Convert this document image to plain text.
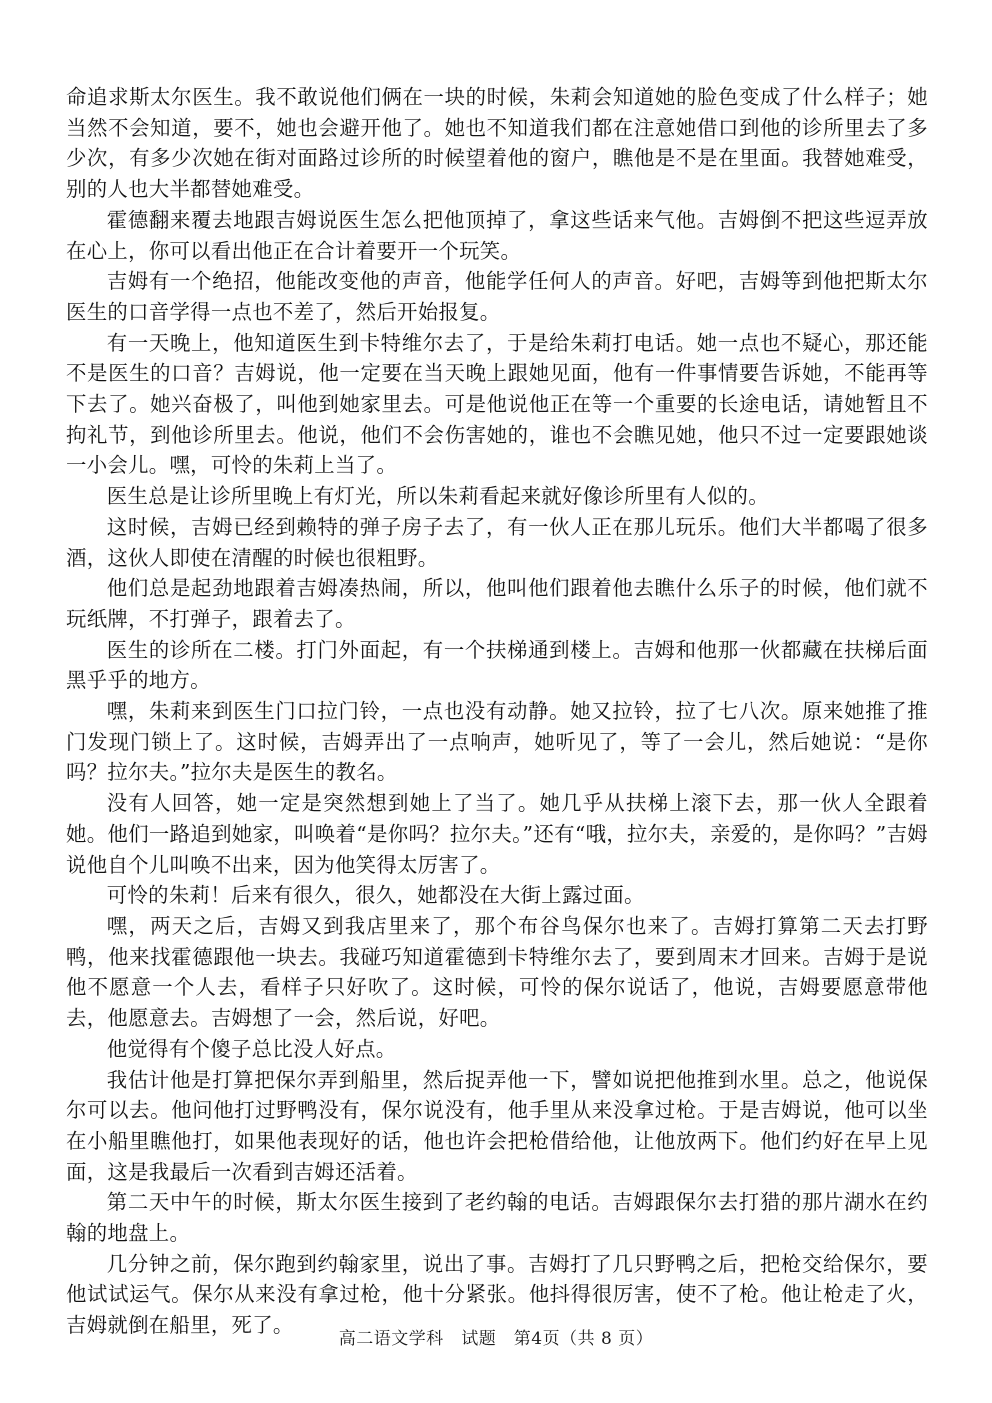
命追求斯太尔医生。我不敢说他们俩在一块的时候，朱莉会知道她的脸色变成了什么样子；她当然不会知道，要不，她也会避开他了。她也不知道我们都在注意她借口到他的诊所里去了多少次，有多少次她在街对面路过诊所的时候望着他的窗户，瞧他是不是在里面。我替她难受，别的人也大半都替她难受。

霍德翻来覆去地跟吉姆说医生怎么把他顶掉了，拿这些话来气他。吉姆倒不把这些逗弄放在心上，你可以看出他正在合计着要开一个玩笑。

吉姆有一个绝招，他能改变他的声音，他能学任何人的声音。好吧，吉姆等到他把斯太尔医生的口音学得一点也不差了，然后开始报复。

有一天晚上，他知道医生到卡特维尔去了，于是给朱莉打电话。她一点也不疑心，那还能不是医生的口音？吉姆说，他一定要在当天晚上跟她见面，他有一件事情要告诉她，不能再等下去了。她兴奋极了，叫他到她家里去。可是他说他正在等一个重要的长途电话，请她暂且不拘礼节，到他诊所里去。他说，他们不会伤害她的，谁也不会瞧见她，他只不过一定要跟她谈一小会儿。嘿，可怜的朱莉上当了。

医生总是让诊所里晚上有灯光，所以朱莉看起来就好像诊所里有人似的。

这时候，吉姆已经到赖特的弹子房子去了，有一伙人正在那儿玩乐。他们大半都喝了很多酒，这伙人即使在清醒的时候也很粗野。

他们总是起劲地跟着吉姆凑热闹，所以，他叫他们跟着他去瞧什么乐子的时候，他们就不玩纸牌，不打弹子，跟着去了。

医生的诊所在二楼。打门外面起，有一个扶梯通到楼上。吉姆和他那一伙都藏在扶梯后面黑乎乎的地方。

嘿，朱莉来到医生门口拉门铃，一点也没有动静。她又拉铃，拉了七八次。原来她推了推门发现门锁上了。这时候，吉姆弄出了一点响声，她听见了，等了一会儿，然后她说：“是你吗？拉尔夫。”拉尔夫是医生的教名。

没有人回答，她一定是突然想到她上了当了。她几乎从扶梯上滚下去，那一伙人全跟着她。他们一路追到她家，叫唤着“是你吗？拉尔夫。”还有“哦，拉尔夫，亲爱的，是你吗？”吉姆说他自个儿叫唤不出来，因为他笑得太厉害了。

可怜的朱莉！后来有很久，很久，她都没在大街上露过面。

嘿，两天之后，吉姆又到我店里来了，那个布谷鸟保尔也来了。吉姆打算第二天去打野鸭，他来找霍德跟他一块去。我碰巧知道霍德到卡特维尔去了，要到周末才回来。吉姆于是说他不愿意一个人去，看样子只好吹了。这时候，可怜的保尔说话了，他说，吉姆要愿意带他去，他愿意去。吉姆想了一会，然后说，好吧。

他觉得有个傻子总比没人好点。

我估计他是打算把保尔弄到船里，然后捉弄他一下，譬如说把他推到水里。总之，他说保尔可以去。他问他打过野鸭没有，保尔说没有，他手里从来没拿过枪。于是吉姆说，他可以坐在小船里瞧他打，如果他表现好的话，他也许会把枪借给他，让他放两下。他们约好在早上见面，这是我最后一次看到吉姆还活着。

第二天中午的时候，斯太尔医生接到了老约翰的电话。吉姆跟保尔去打猎的那片湖水在约翰的地盘上。

几分钟之前，保尔跑到约翰家里，说出了事。吉姆打了几只野鸭之后，把枪交给保尔，要他试试运气。保尔从来没有拿过枪，他十分紧张。他抖得很厉害，使不了枪。他让枪走了火，吉姆就倒在船里，死了。

高二语文学科　试题　第4页（共 8 页）
